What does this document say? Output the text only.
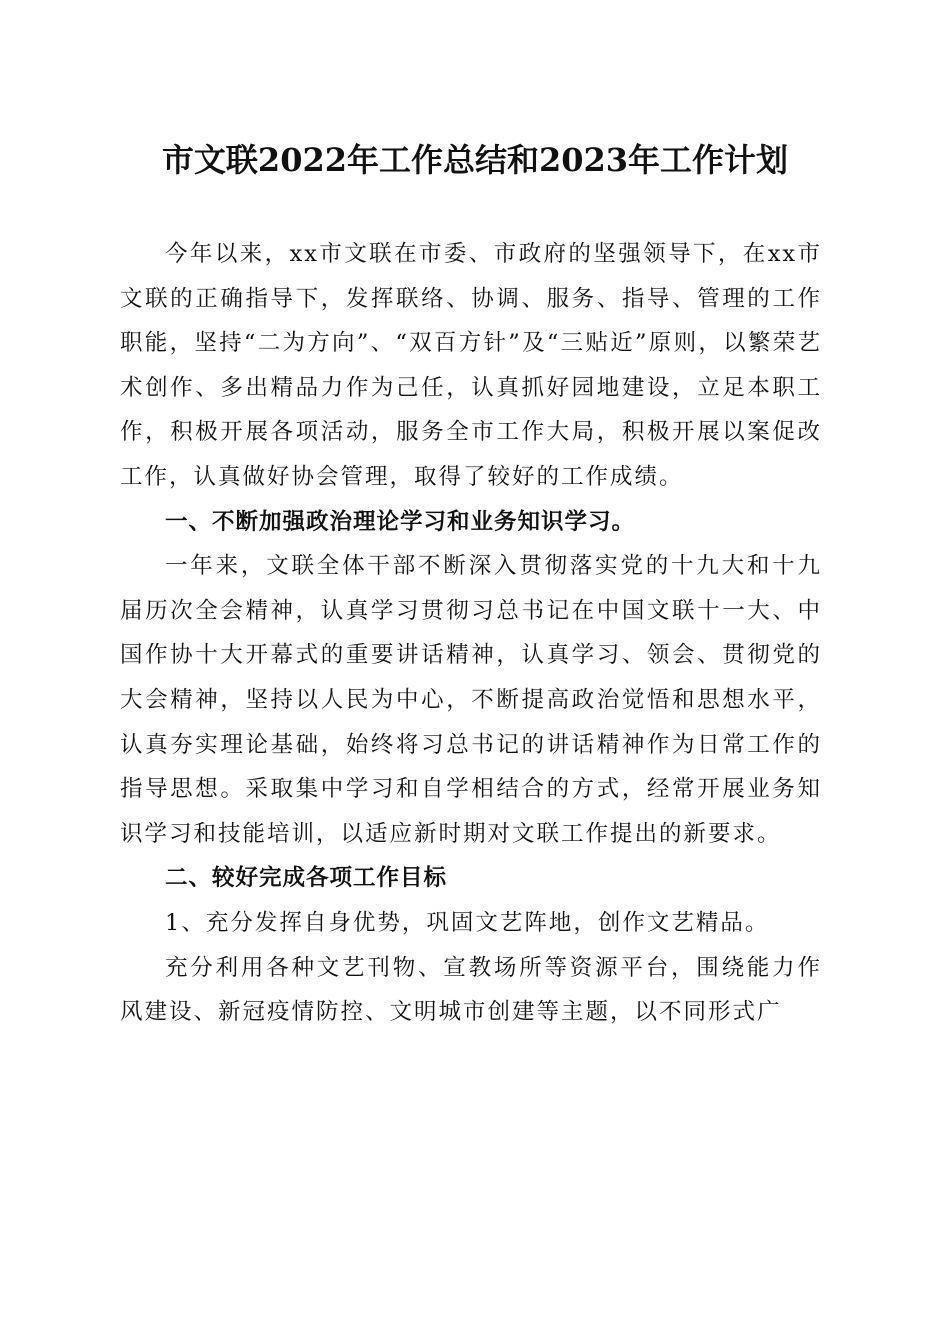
市文联2022年工作总结和2023年工作计划

今年以来，xx市文联在市委、市政府的坚强领导下，在xx市文联的正确指导下，发挥联络、协调、服务、指导、管理的工作职能，坚持“二为方向”、“双百方针”及“三贴近”原则，以繁荣艺术创作、多出精品力作为己任，认真抓好园地建设，立足本职工作，积极开展各项活动，服务全市工作大局，积极开展以案促改工作，认真做好协会管理，取得了较好的工作成绩。

一、不断加强政治理论学习和业务知识学习。

一年来，文联全体干部不断深入贯彻落实党的十九大和十九届历次全会精神，认真学习贯彻习总书记在中国文联十一大、中国作协十大开幕式的重要讲话精神，认真学习、领会、贯彻党的大会精神，坚持以人民为中心，不断提高政治觉悟和思想水平，认真夯实理论基础，始终将习总书记的讲话精神作为日常工作的指导思想。采取集中学习和自学相结合的方式，经常开展业务知识学习和技能培训，以适应新时期对文联工作提出的新要求。

二、较好完成各项工作目标

1、充分发挥自身优势，巩固文艺阵地，创作文艺精品。

充分利用各种文艺刊物、宣教场所等资源平台，围绕能力作风建设、新冠疫情防控、文明城市创建等主题，以不同形式广
